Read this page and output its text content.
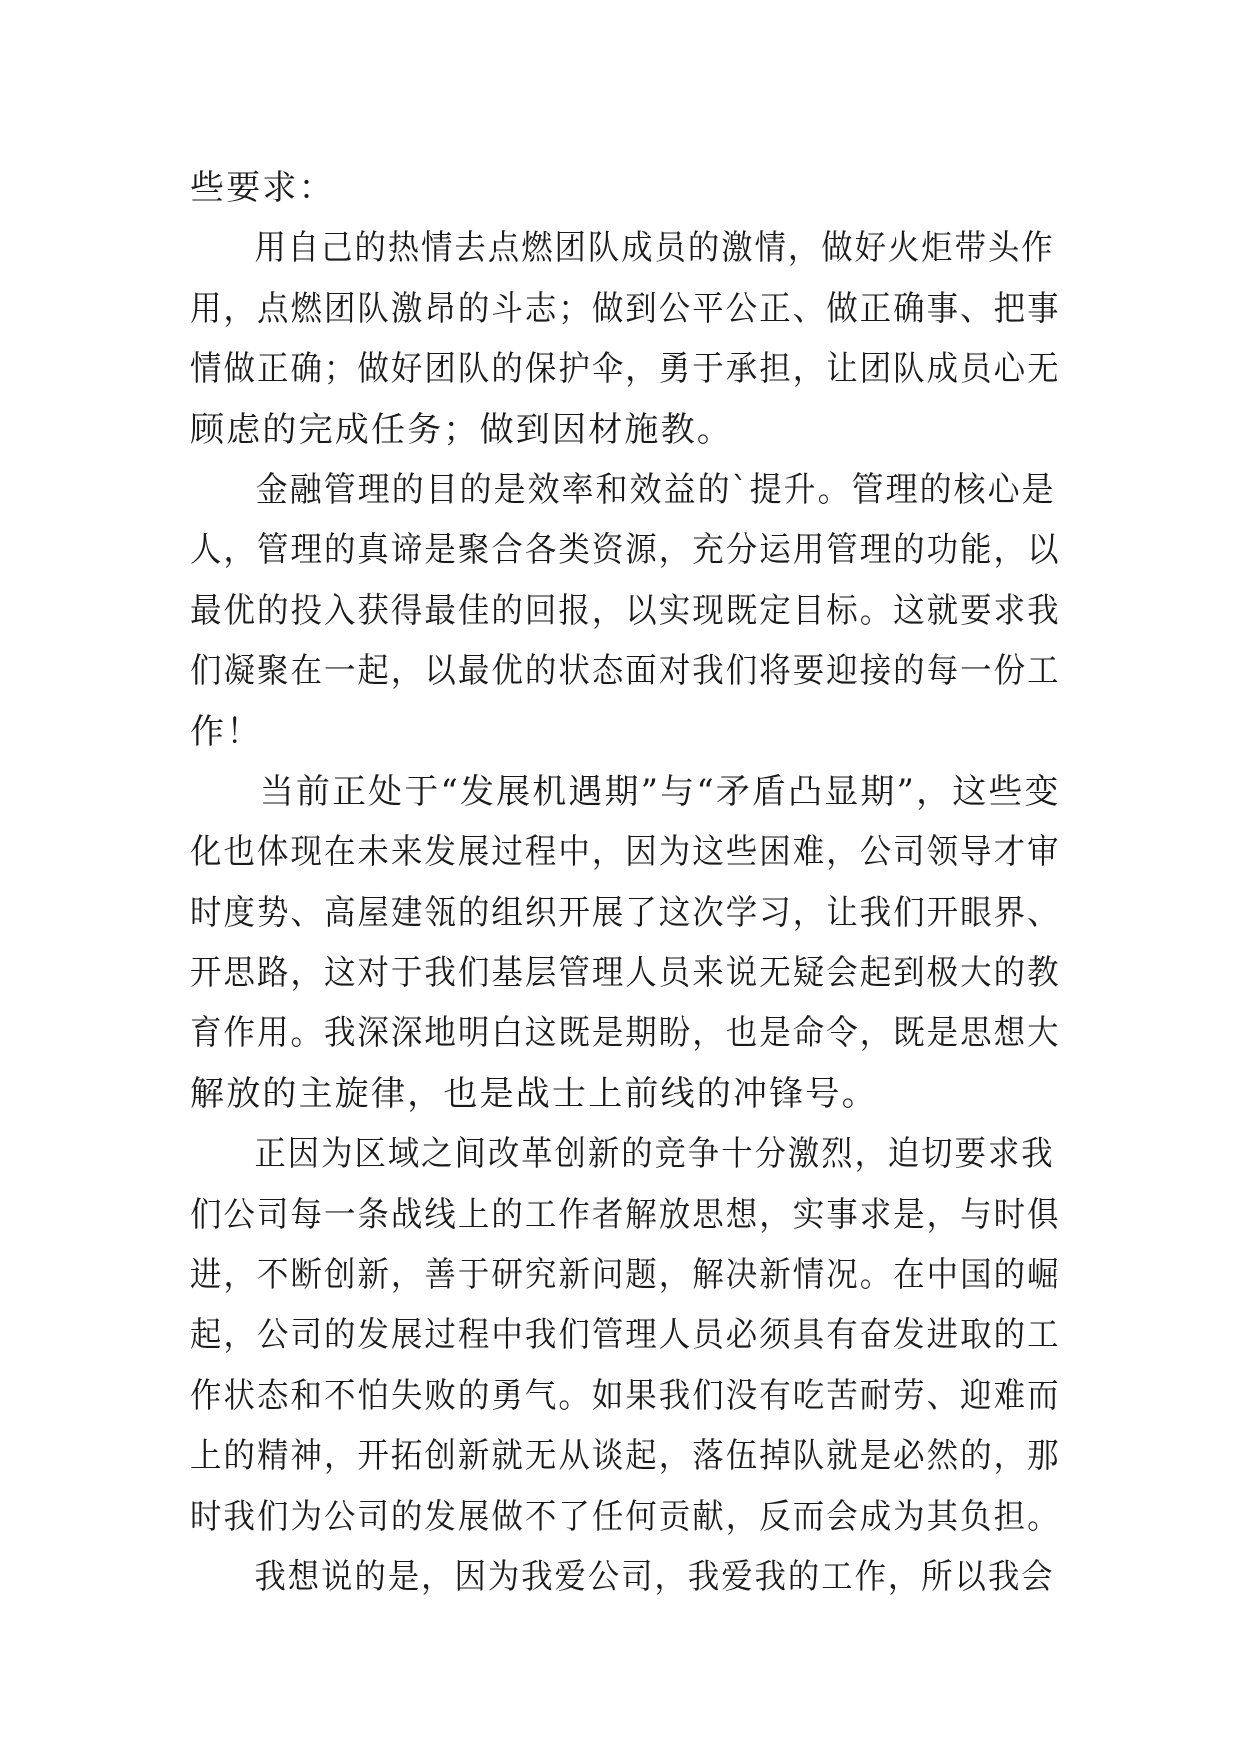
些要求：
用自己的热情去点燃团队成员的激情，做好火炬带头作
用，点燃团队激昂的斗志；做到公平公正、做正确事、把事
情做正确；做好团队的保护伞，勇于承担，让团队成员心无
顾虑的完成任务；做到因材施教。
金融管理的目的是效率和效益的`提升。管理的核心是
人，管理的真谛是聚合各类资源，充分运用管理的功能，以
最优的投入获得最佳的回报，以实现既定目标。这就要求我
们凝聚在一起，以最优的状态面对我们将要迎接的每一份工
作！
当前正处于“发展机遇期”与“矛盾凸显期”，这些变
化也体现在未来发展过程中，因为这些困难，公司领导才审
时度势、高屋建瓴的组织开展了这次学习，让我们开眼界、
开思路，这对于我们基层管理人员来说无疑会起到极大的教
育作用。我深深地明白这既是期盼，也是命令，既是思想大
解放的主旋律，也是战士上前线的冲锋号。
正因为区域之间改革创新的竞争十分激烈，迫切要求我
们公司每一条战线上的工作者解放思想，实事求是，与时俱
进，不断创新，善于研究新问题，解决新情况。在中国的崛
起，公司的发展过程中我们管理人员必须具有奋发进取的工
作状态和不怕失败的勇气。如果我们没有吃苦耐劳、迎难而
上的精神，开拓创新就无从谈起，落伍掉队就是必然的，那
时我们为公司的发展做不了任何贡献，反而会成为其负担。
我想说的是，因为我爱公司，我爱我的工作，所以我会
